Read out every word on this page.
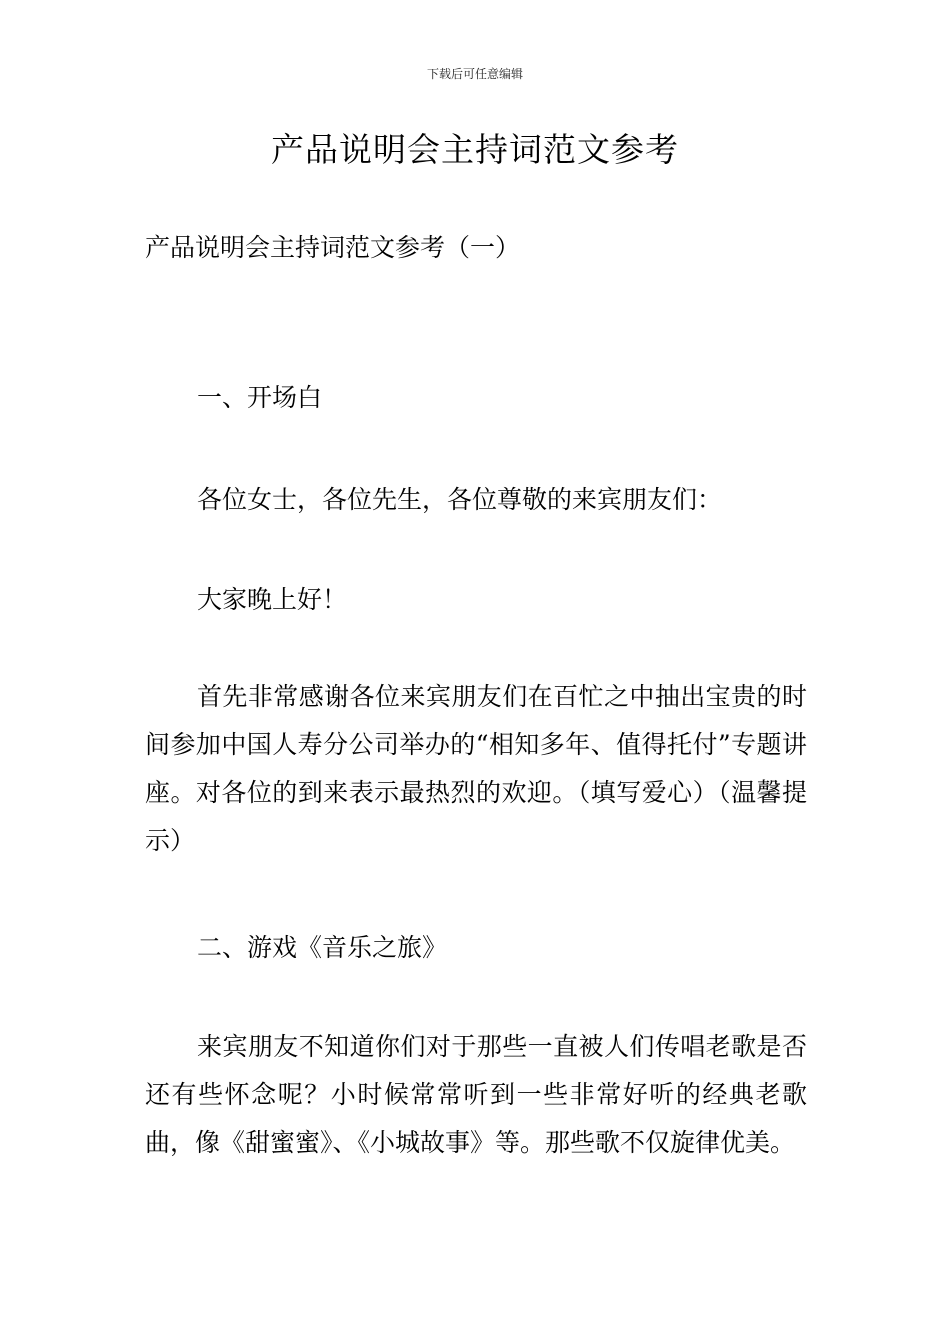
下载后可任意编辑
产品说明会主持词范文参考

产品说明会主持词范文参考（一）

一、开场白

各位女士，各位先生，各位尊敬的来宾朋友们：

大家晚上好！

首先非常感谢各位来宾朋友们在百忙之中抽出宝贵的时间参加中国人寿分公司举办的“相知多年、值得托付”专题讲座。对各位的到来表示最热烈的欢迎。（填写爱心）（温馨提示）

二、游戏《音乐之旅》

来宾朋友不知道你们对于那些一直被人们传唱老歌是否还有些怀念呢？小时候常常听到一些非常好听的经典老歌曲，像《甜蜜蜜》、《小城故事》等。那些歌不仅旋律优美。
